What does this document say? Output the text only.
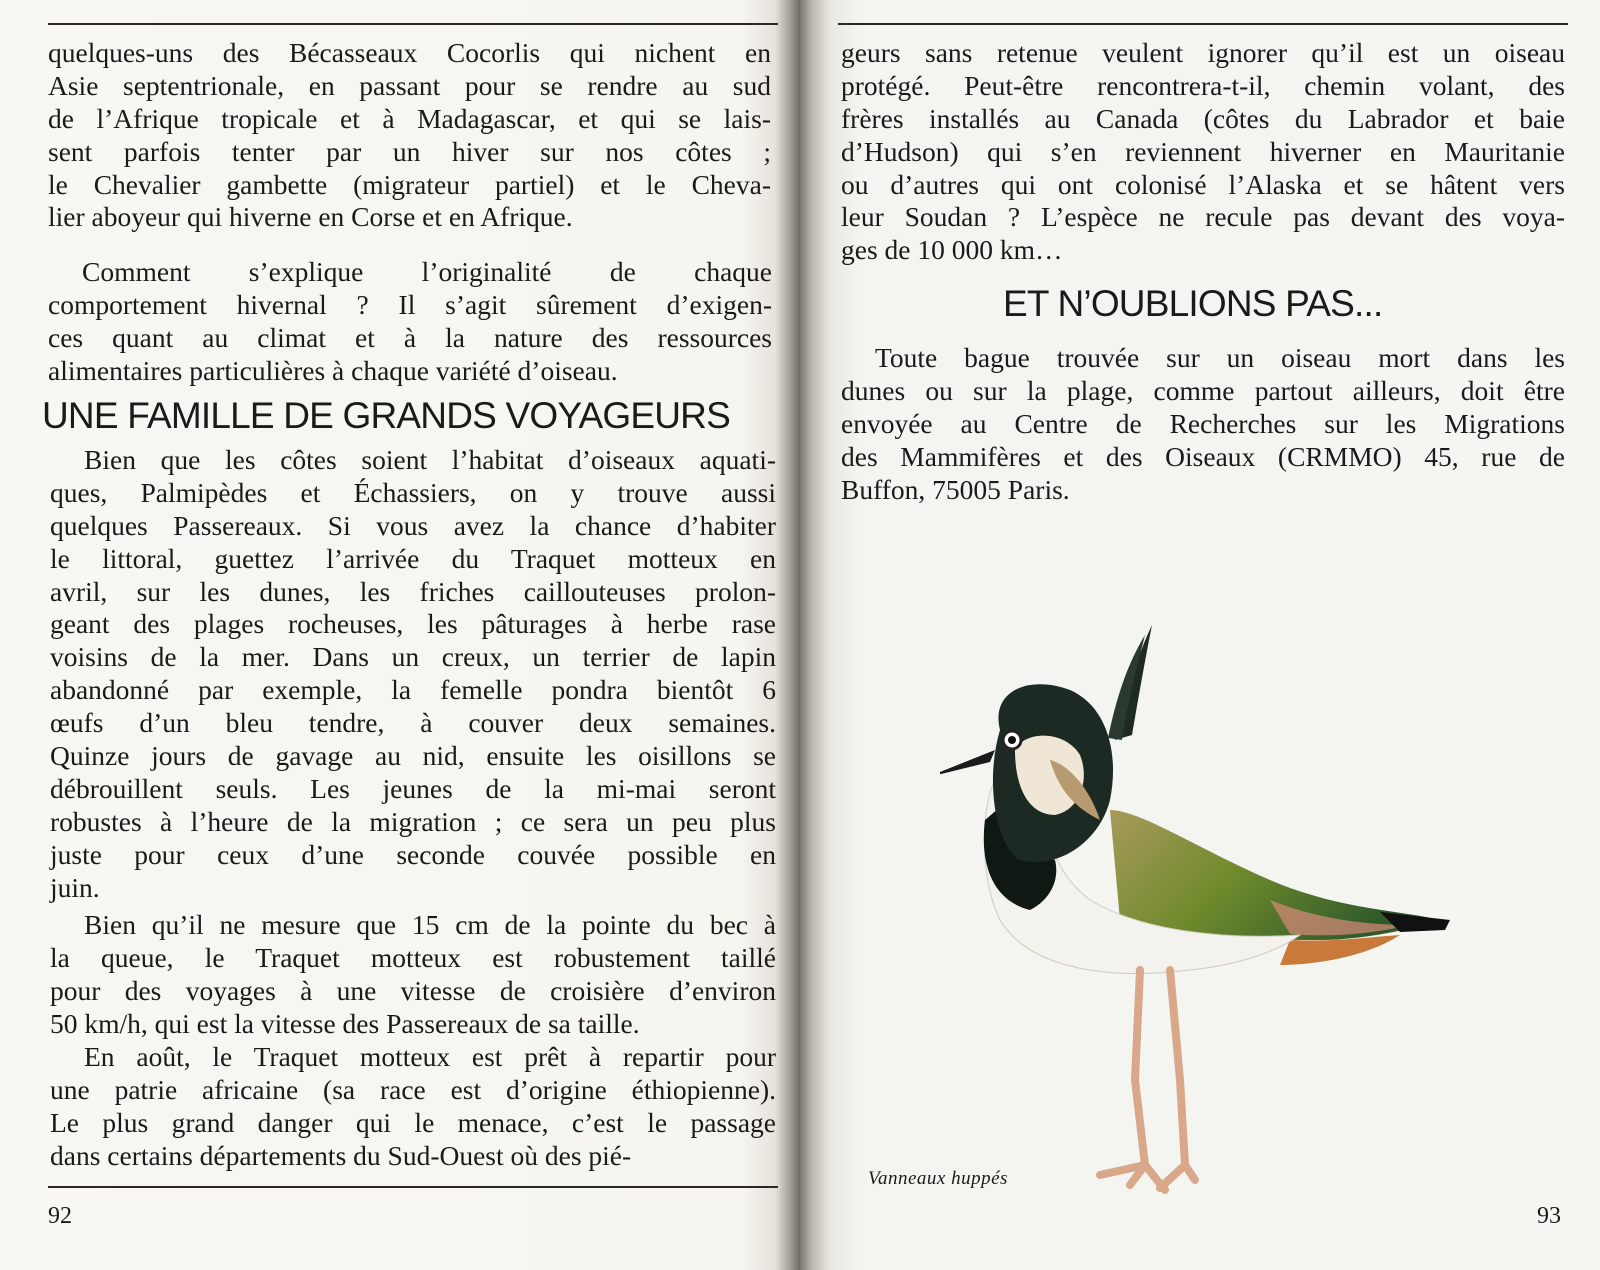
quelques-uns des Bécasseaux Cocorlis qui nichent en
Asie septentrionale, en passant pour se rendre au sud
de l’Afrique tropicale et à Madagascar, et qui se lais-
sent parfois tenter par un hiver sur nos côtes ;
le Chevalier gambette (migrateur partiel) et le Cheva-
lier aboyeur qui hiverne en Corse et en Afrique.
Comment s’explique l’originalité de chaque
comportement hivernal ? Il s’agit sûrement d’exigen-
ces quant au climat et à la nature des ressources
alimentaires particulières à chaque variété d’oiseau.
UNE FAMILLE DE GRANDS VOYAGEURS
Bien que les côtes soient l’habitat d’oiseaux aquati-
ques, Palmipèdes et Échassiers, on y trouve aussi
quelques Passereaux. Si vous avez la chance d’habiter
le littoral, guettez l’arrivée du Traquet motteux en
avril, sur les dunes, les friches caillouteuses prolon-
geant des plages rocheuses, les pâturages à herbe rase
voisins de la mer. Dans un creux, un terrier de lapin
abandonné par exemple, la femelle pondra bientôt 6
œufs d’un bleu tendre, à couver deux semaines.
Quinze jours de gavage au nid, ensuite les oisillons se
débrouillent seuls. Les jeunes de la mi-mai seront
robustes à l’heure de la migration ; ce sera un peu plus
juste pour ceux d’une seconde couvée possible en
juin.
Bien qu’il ne mesure que 15 cm de la pointe du bec à
la queue, le Traquet motteux est robustement taillé
pour des voyages à une vitesse de croisière d’environ
50 km/h, qui est la vitesse des Passereaux de sa taille.
En août, le Traquet motteux est prêt à repartir pour
une patrie africaine (sa race est d’origine éthiopienne).
Le plus grand danger qui le menace, c’est le passage
dans certains départements du Sud-Ouest où des pié-
92
geurs sans retenue veulent ignorer qu’il est un oiseau
protégé. Peut-être rencontrera-t-il, chemin volant, des
frères installés au Canada (côtes du Labrador et baie
d’Hudson) qui s’en reviennent hiverner en Mauritanie
ou d’autres qui ont colonisé l’Alaska et se hâtent vers
leur Soudan ? L’espèce ne recule pas devant des voya-
ges de 10 000 km…
ET N’OUBLIONS PAS...
Toute bague trouvée sur un oiseau mort dans les
dunes ou sur la plage, comme partout ailleurs, doit être
envoyée au Centre de Recherches sur les Migrations
des Mammifères et des Oiseaux (CRMMO) 45, rue de
Buffon, 75005 Paris.
Vanneaux huppés
93
